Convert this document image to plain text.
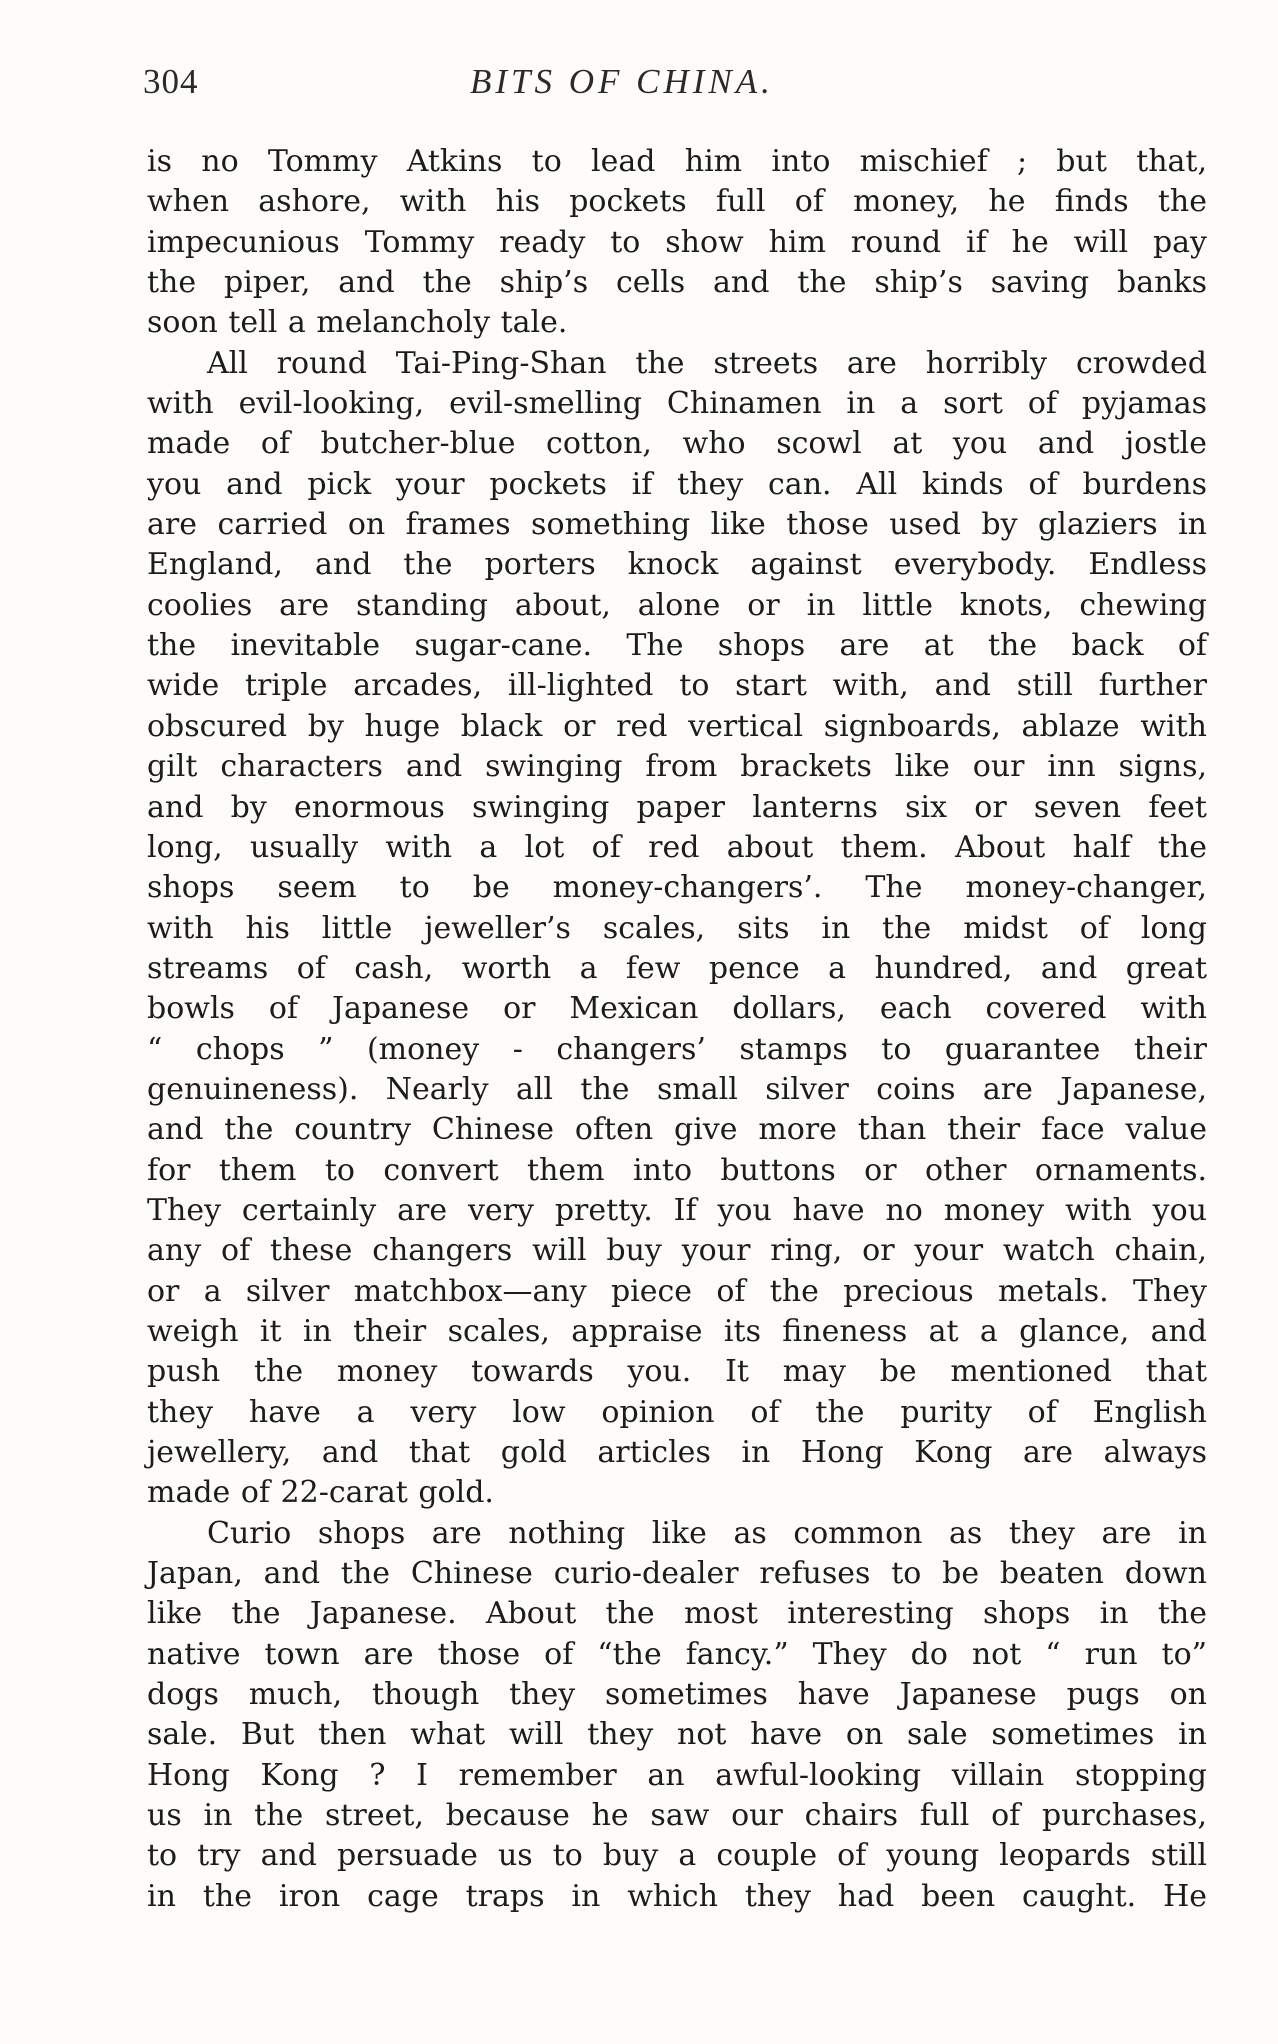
304	BITS OF CHINA.
is no Tommy Atkins to lead him into mischief ; but that,
when ashore, with his pockets full of money, he finds the
impecunious Tommy ready to show him round if he will pay
the piper, and the ship’s cells and the ship’s saving banks
soon tell a melancholy tale.
All round Tai-Ping-Shan the streets are horribly crowded
with evil-looking, evil-smelling Chinamen in a sort of pyjamas
made of butcher-blue cotton, who scowl at you and jostle
you and pick your pockets if they can. All kinds of burdens
are carried on frames something like those used by glaziers in
England, and the porters knock against everybody. Endless
coolies are standing about, alone or in little knots, chewing
the inevitable sugar-cane. The shops are at the back of
wide triple arcades, ill-lighted to start with, and still further
obscured by huge black or red vertical signboards, ablaze with
gilt characters and swinging from brackets like our inn signs,
and by enormous swinging paper lanterns six or seven feet
long, usually with a lot of red about them. About half the
shops seem to be money-changers’. The money-changer,
with his little jeweller’s scales, sits in the midst of long
streams of cash, worth a few pence a hundred, and great
bowls of Japanese or Mexican dollars, each covered with
“ chops ” (money - changers’ stamps to guarantee their
genuineness). Nearly all the small silver coins are Japanese,
and the country Chinese often give more than their face value
for them to convert them into buttons or other ornaments.
They certainly are very pretty. If you have no money with you
any of these changers will buy your ring, or your watch chain,
or a silver matchbox—any piece of the precious metals. They
weigh it in their scales, appraise its fineness at a glance, and
push the money towards you. It may be mentioned that
they have a very low opinion of the purity of English
jewellery, and that gold articles in Hong Kong are always
made of 22-carat gold.
Curio shops are nothing like as common as they are in
Japan, and the Chinese curio-dealer refuses to be beaten down
like the Japanese. About the most interesting shops in the
native town are those of “the fancy.” They do not “ run to”
dogs much, though they sometimes have Japanese pugs on
sale. But then what will they not have on sale sometimes in
Hong Kong ? I remember an awful-looking villain stopping
us in the street, because he saw our chairs full of purchases,
to try and persuade us to buy a couple of young leopards still
in the iron cage traps in which they had been caught. He
